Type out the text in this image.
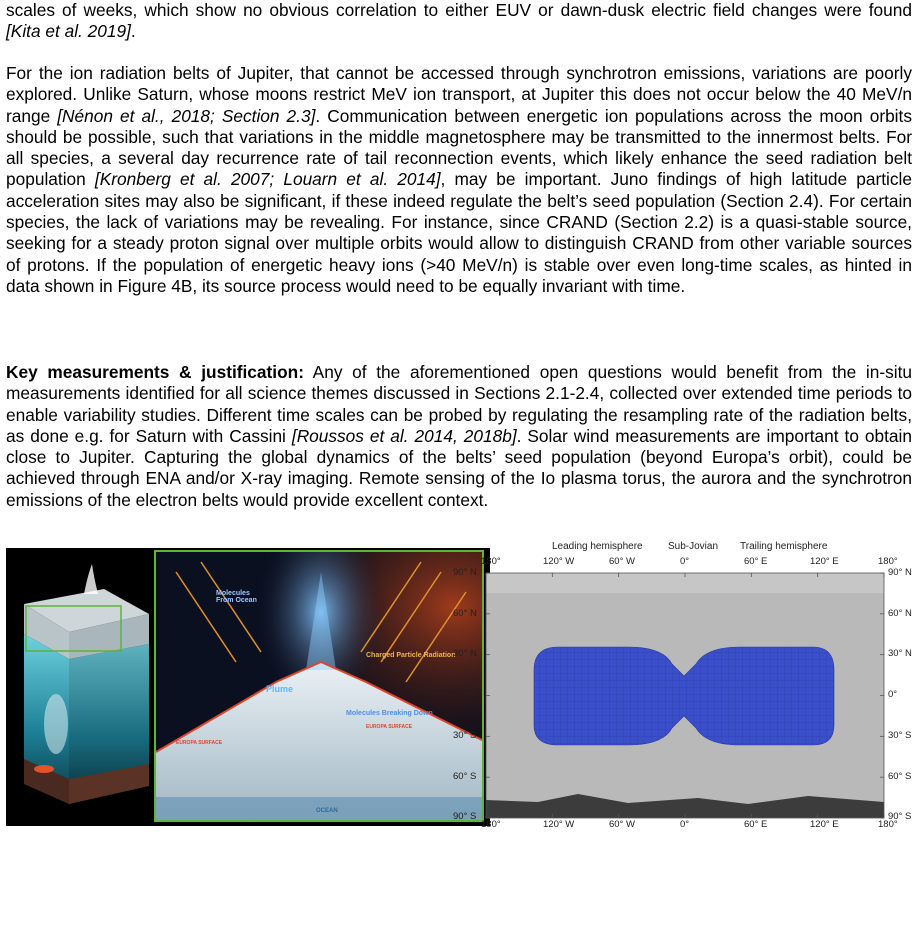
scales of weeks, which show no obvious correlation to either EUV or dawn-dusk electric field changes were found [Kita et al. 2019].

For the ion radiation belts of Jupiter, that cannot be accessed through synchrotron emissions, variations are poorly explored. Unlike Saturn, whose moons restrict MeV ion transport, at Jupiter this does not occur below the 40 MeV/n range [Nénon et al., 2018; Section 2.3]. Communication between energetic ion populations across the moon orbits should be possible, such that variations in the middle magnetosphere may be transmitted to the innermost belts. For all species, a several day recurrence rate of tail reconnection events, which likely enhance the seed radiation belt population [Kronberg et al. 2007; Louarn et al. 2014], may be important. Juno findings of high latitude particle acceleration sites may also be significant, if these indeed regulate the belt’s seed population (Section 2.4). For certain species, the lack of variations may be revealing. For instance, since CRAND (Section 2.2) is a quasi-stable source, seeking for a steady proton signal over multiple orbits would allow to distinguish CRAND from other variable sources of protons. If the population of energetic heavy ions (>40 MeV/n) is stable over even long-time scales, as hinted in data shown in Figure 4B, its source process would need to be equally invariant with time.

Key measurements & justification: Any of the aforementioned open questions would benefit from the in-situ measurements identified for all science themes discussed in Sections 2.1-2.4, collected over extended time periods to enable variability studies. Different time scales can be probed by regulating the resampling rate of the radiation belts, as done e.g. for Saturn with Cassini [Roussos et al. 2014, 2018b]. Solar wind measurements are important to obtain close to Jupiter. Capturing the global dynamics of the belts’ seed population (beyond Europa’s orbit), could be achieved through ENA and/or X-ray imaging. Remote sensing of the Io plasma torus, the aurora and the synchrotron emissions of the electron belts would provide excellent context.

Molecules From Ocean
Charged Particle Radiation
Plume
Molecules Breaking Down
EUROPA SURFACE
EUROPA SURFACE
OCEAN
Leading hemisphere	Sub-Jovian Trailing hemisphere
180°	120° W	60° W	0°	60° E	120° E	180°
180°	120° W	60° W	0°	60° E	120° E	180°
90° N
60° N
30° N
0°
30° S
60° S
90° S
90° N
60° N
30° N
0°
30° S
60° S
90° S
